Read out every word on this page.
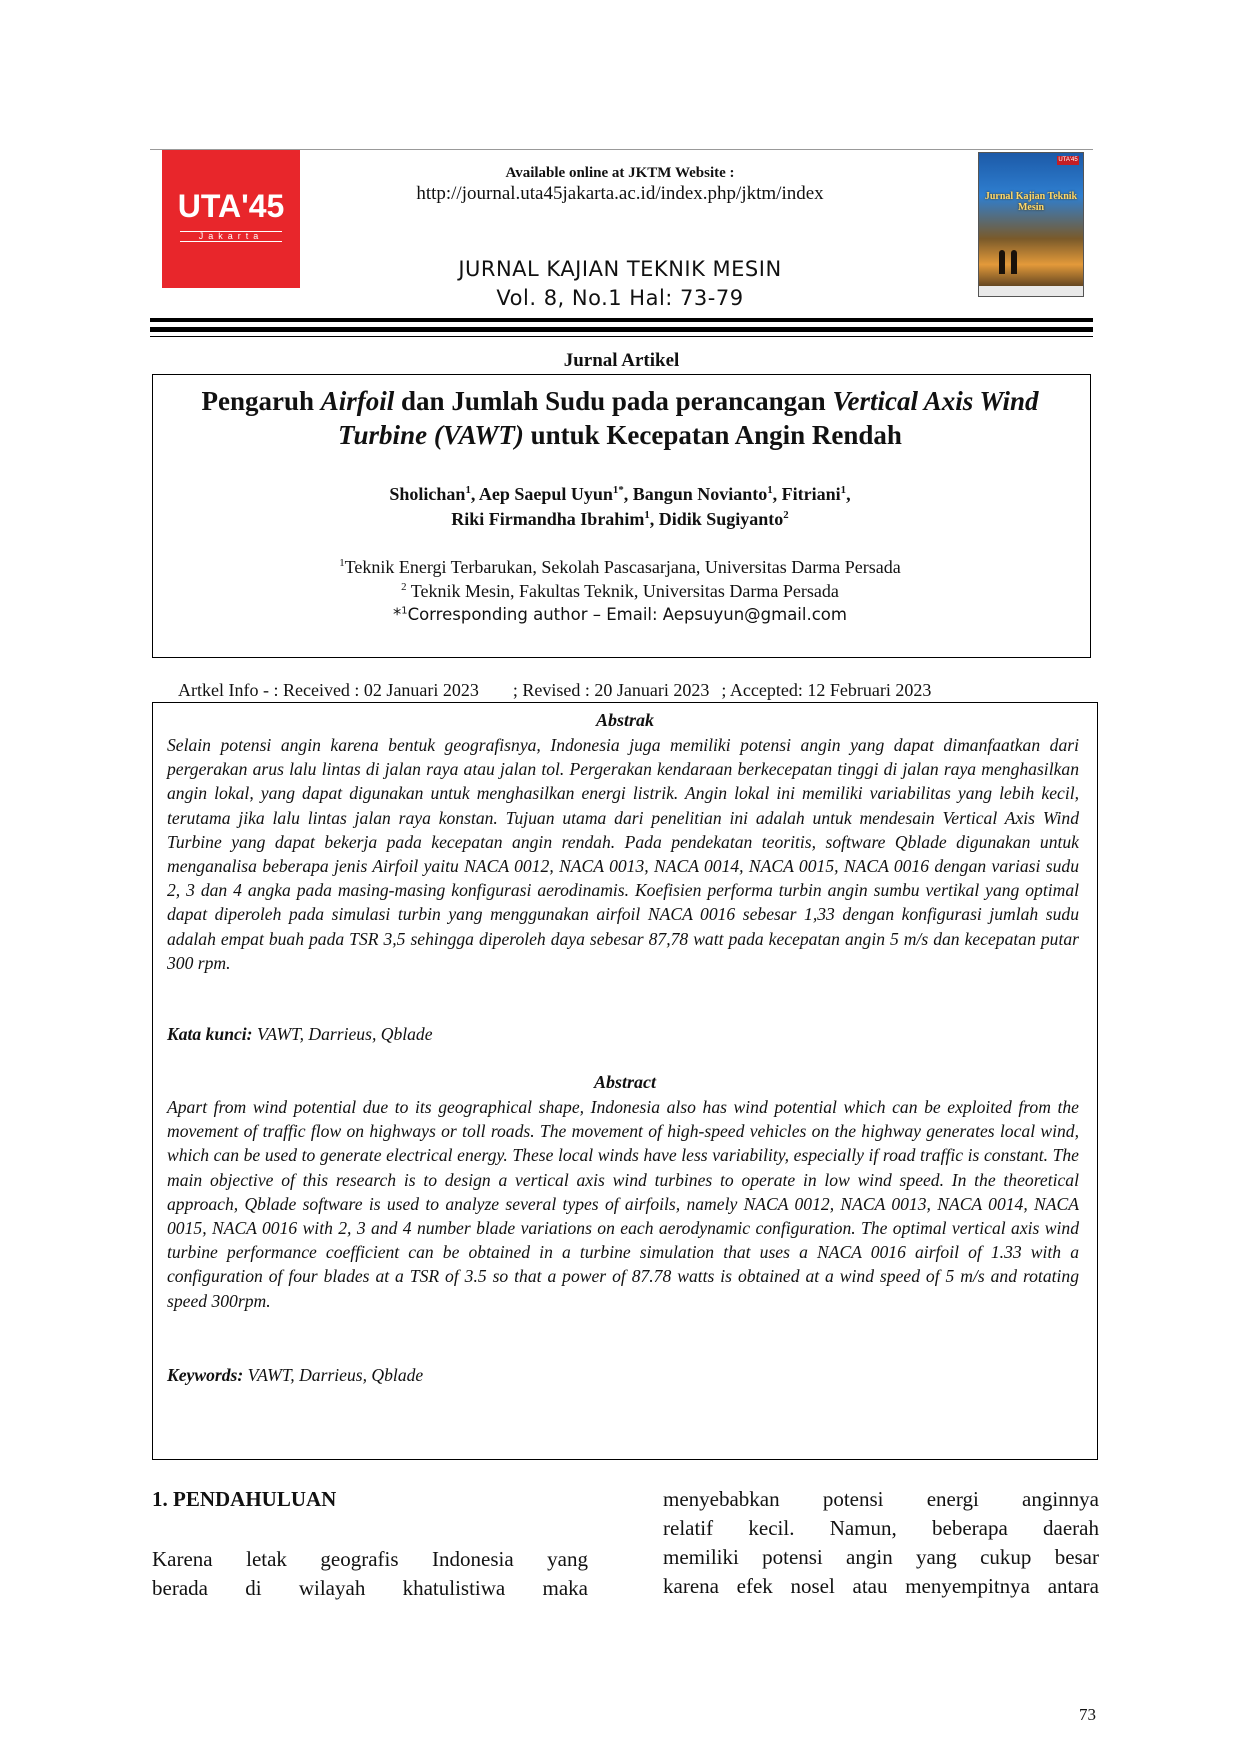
UTA'45
Jakarta
Available online at JKTM Website :
http://journal.uta45jakarta.ac.id/index.php/jktm/index
JURNAL KAJIAN TEKNIK MESIN
Vol. 8, No.1 Hal: 73-79
UTA'45
Jurnal Kajian Teknik Mesin
Jurnal Artikel
Pengaruh Airfoil dan Jumlah Sudu pada perancangan Vertical Axis Wind Turbine (VAWT) untuk Kecepatan Angin Rendah
Sholichan$^1$, Aep Saepul Uyun$^{1*}$, Bangun Novianto$^1$, Fitriani$^1$,
Riki Firmandha Ibrahim$^1$, Didik Sugiyanto$^2$
$^1$Teknik Energi Terbarukan, Sekolah Pascasarjana, Universitas Darma Persada
$^2$ Teknik Mesin, Fakultas Teknik, Universitas Darma Persada
*$^1$Corresponding author – Email: Aepsuyun@gmail.com
Artkel Info - : Received : 02 Januari 2023 ; Revised : 20 Januari 2023 ; Accepted: 12 Februari 2023
Abstrak
Selain potensi angin karena bentuk geografisnya, Indonesia juga memiliki potensi angin yang dapat dimanfaatkan dari pergerakan arus lalu lintas di jalan raya atau jalan tol. Pergerakan kendaraan berkecepatan tinggi di jalan raya menghasilkan angin lokal, yang dapat digunakan untuk menghasilkan energi listrik. Angin lokal ini memiliki variabilitas yang lebih kecil, terutama jika lalu lintas jalan raya konstan. Tujuan utama dari penelitian ini adalah untuk mendesain Vertical Axis Wind Turbine yang dapat bekerja pada kecepatan angin rendah. Pada pendekatan teoritis, software Qblade digunakan untuk menganalisa beberapa jenis Airfoil yaitu NACA 0012, NACA 0013, NACA 0014, NACA 0015, NACA 0016 dengan variasi sudu 2, 3 dan 4 angka pada masing-masing konfigurasi aerodinamis. Koefisien performa turbin angin sumbu vertikal yang optimal dapat diperoleh pada simulasi turbin yang menggunakan airfoil NACA 0016 sebesar 1,33 dengan konfigurasi jumlah sudu adalah empat buah pada TSR 3,5 sehingga diperoleh daya sebesar 87,78 watt pada kecepatan angin 5 m/s dan kecepatan putar 300 rpm.
Kata kunci: VAWT, Darrieus, Qblade
Abstract
Apart from wind potential due to its geographical shape, Indonesia also has wind potential which can be exploited from the movement of traffic flow on highways or toll roads. The movement of high-speed vehicles on the highway generates local wind, which can be used to generate electrical energy. These local winds have less variability, especially if road traffic is constant. The main objective of this research is to design a vertical axis wind turbines to operate in low wind speed. In the theoretical approach, Qblade software is used to analyze several types of airfoils, namely NACA 0012, NACA 0013, NACA 0014, NACA 0015, NACA 0016 with 2, 3 and 4 number blade variations on each aerodynamic configuration. The optimal vertical axis wind turbine performance coefficient can be obtained in a turbine simulation that uses a NACA 0016 airfoil of 1.33 with a configuration of four blades at a TSR of 3.5 so that a power of 87.78 watts is obtained at a wind speed of 5 m/s and rotating speed 300rpm.
Keywords: VAWT, Darrieus, Qblade
1. PENDAHULUAN

Karena letak geografis Indonesia yang

berada di wilayah khatulistiwa maka

menyebabkan potensi energi anginnya

relatif kecil. Namun, beberapa daerah

memiliki potensi angin yang cukup besar

karena efek nosel atau menyempitnya antara

73
